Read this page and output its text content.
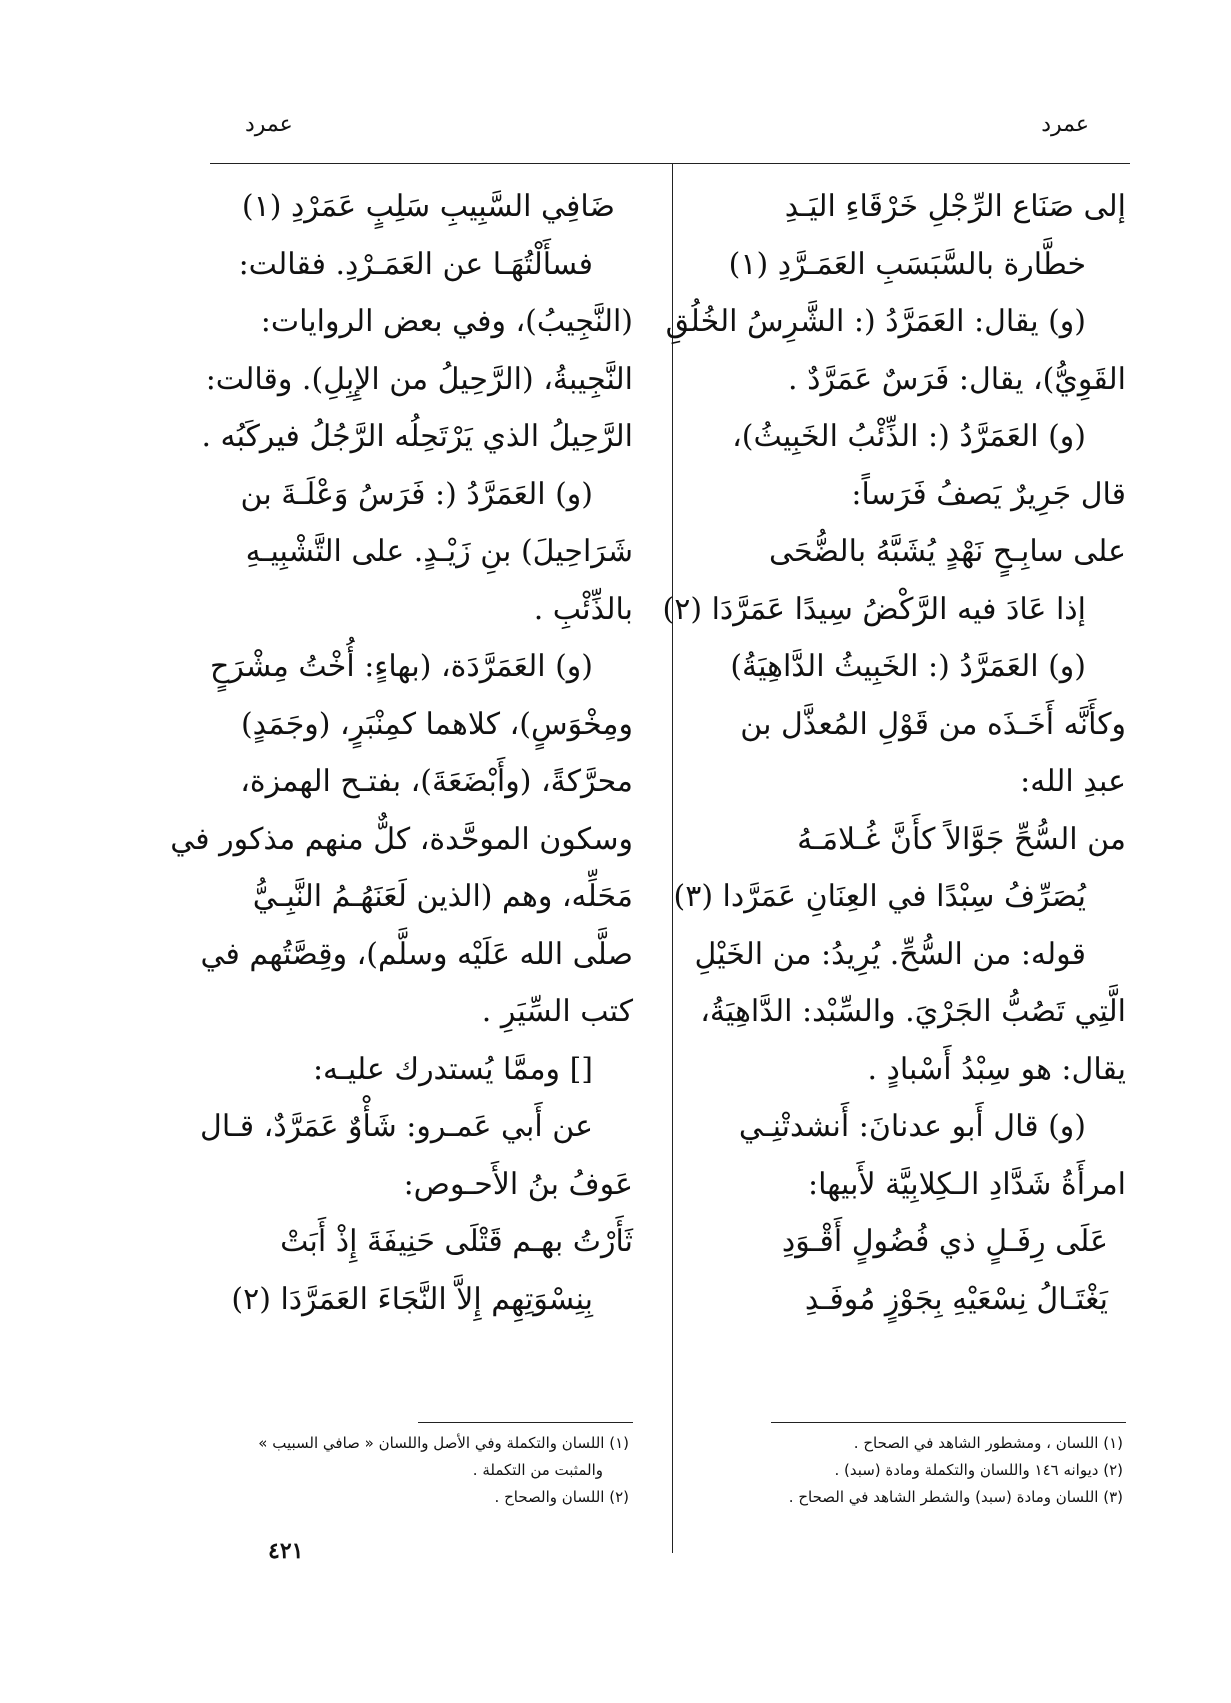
عمرد
عمرد
إلى صَنَاع الرِّجْلِ خَرْقَاءِ اليَـدِ
خطَّارة بالسَّبَسَبِ العَمَـرَّدِ (١)
(و) يقال: العَمَرَّدُ (: الشَّرِسُ الخُلُقِ
القَوِيُّ)، يقال: فَرَسٌ عَمَرَّدٌ .
(و) العَمَرَّدُ (: الذِّئْبُ الخَبِيثُ)،
قال جَرِيرٌ يَصفُ فَرَساً:
على سابِـحٍ نَهْدٍ يُشَبَّهُ بالضُّحَى
إذا عَادَ فيه الرَّكْضُ سِيدًا عَمَرَّدَا (٢)
(و) العَمَرَّدُ (: الخَبِيثُ الدَّاهِيَةُ)
وكأَنَّه أَخَـذَه من قَوْلِ المُعذَّل بن
عبدِ الله:
من السُّحِّ جَوَّالاً كأَنَّ غُـلامَـهُ
يُصَرِّفُ سِبْدًا في العِنَانِ عَمَرَّدا (٣)
قوله: من السُّحِّ. يُرِيدُ: من الخَيْلِ
الَّتِي تَصُبُّ الجَرْيَ. والسِّبْد: الدَّاهِيَةُ،
يقال: هو سِبْدُ أَسْبادٍ .
(و) قال أَبو عدنانَ: أَنشدتْنِـي
امرأَةُ شَدَّادِ الـكِلابِيَّة لأَبيها:
عَلَى رِفَـلٍ ذي فُضُولٍ أَقْـوَدِ
يَغْتَـالُ نِسْعَيْهِ بِجَوْزٍ مُوفَـدِ
ضَافِي السَّبِيبِ سَلِبٍ عَمَرْدِ (١)
فسأَلْتُهَـا عن العَمَـرْدِ. فقالت:
(النَّجِيبُ)، وفي بعض الروايات:
النَّجِيبةُ، (الرَّحِيلُ من الإِبِلِ). وقالت:
الرَّحِيلُ الذي يَرْتَحِلُه الرَّجُلُ فيركَبُه .
(و) العَمَرَّدُ (: فَرَسُ وَعْلَـةَ بن
شَرَاحِيلَ) بنِ زَيْـدٍ. على التَّشْبِيـهِ
بالذِّئْبِ .
(و) العَمَرَّدَة، (بهاءٍ: أُخْتُ مِشْرَحٍ
ومِخْوَسٍ)، كلاهما كمِنْبَرٍ، (وجَمَدٍ)
محرَّكةً، (وأَبْضَعَةَ)، بفتـح الهمزة،
وسكون الموحَّدة، كلٌّ منهم مذكور في
مَحَلِّه، وهم (الذين لَعَنَهُـمُ النَّبِـيُّ
صلَّى الله عَلَيْه وسلَّم)، وقِصَّتُهم في
كتب السِّيَرِ .
[] وممَّا يُستدرك عليـه:
عن أَبي عَمـرو: شَأْوٌ عَمَرَّدٌ، قـال
عَوفُ بنُ الأَحـوص:
ثَأَرْتُ بهـم قَتْلَى حَنِيفَةَ إِذْ أَبَتْ
بِنِسْوَتِهِم إِلاَّ النَّجَاءَ العَمَرَّدَا (٢)
(١) اللسان ، ومشطور الشاهد في الصحاح .
(٢) ديوانه ١٤٦ واللسان والتكملة ومادة (سبد) .
(٣) اللسان ومادة (سبد) والشطر الشاهد في الصحاح .
(١) اللسان والتكملة وفي الأصل واللسان « صافي السبيب »
والمثبت من التكملة .
(٢) اللسان والصحاح .
٤٢١
